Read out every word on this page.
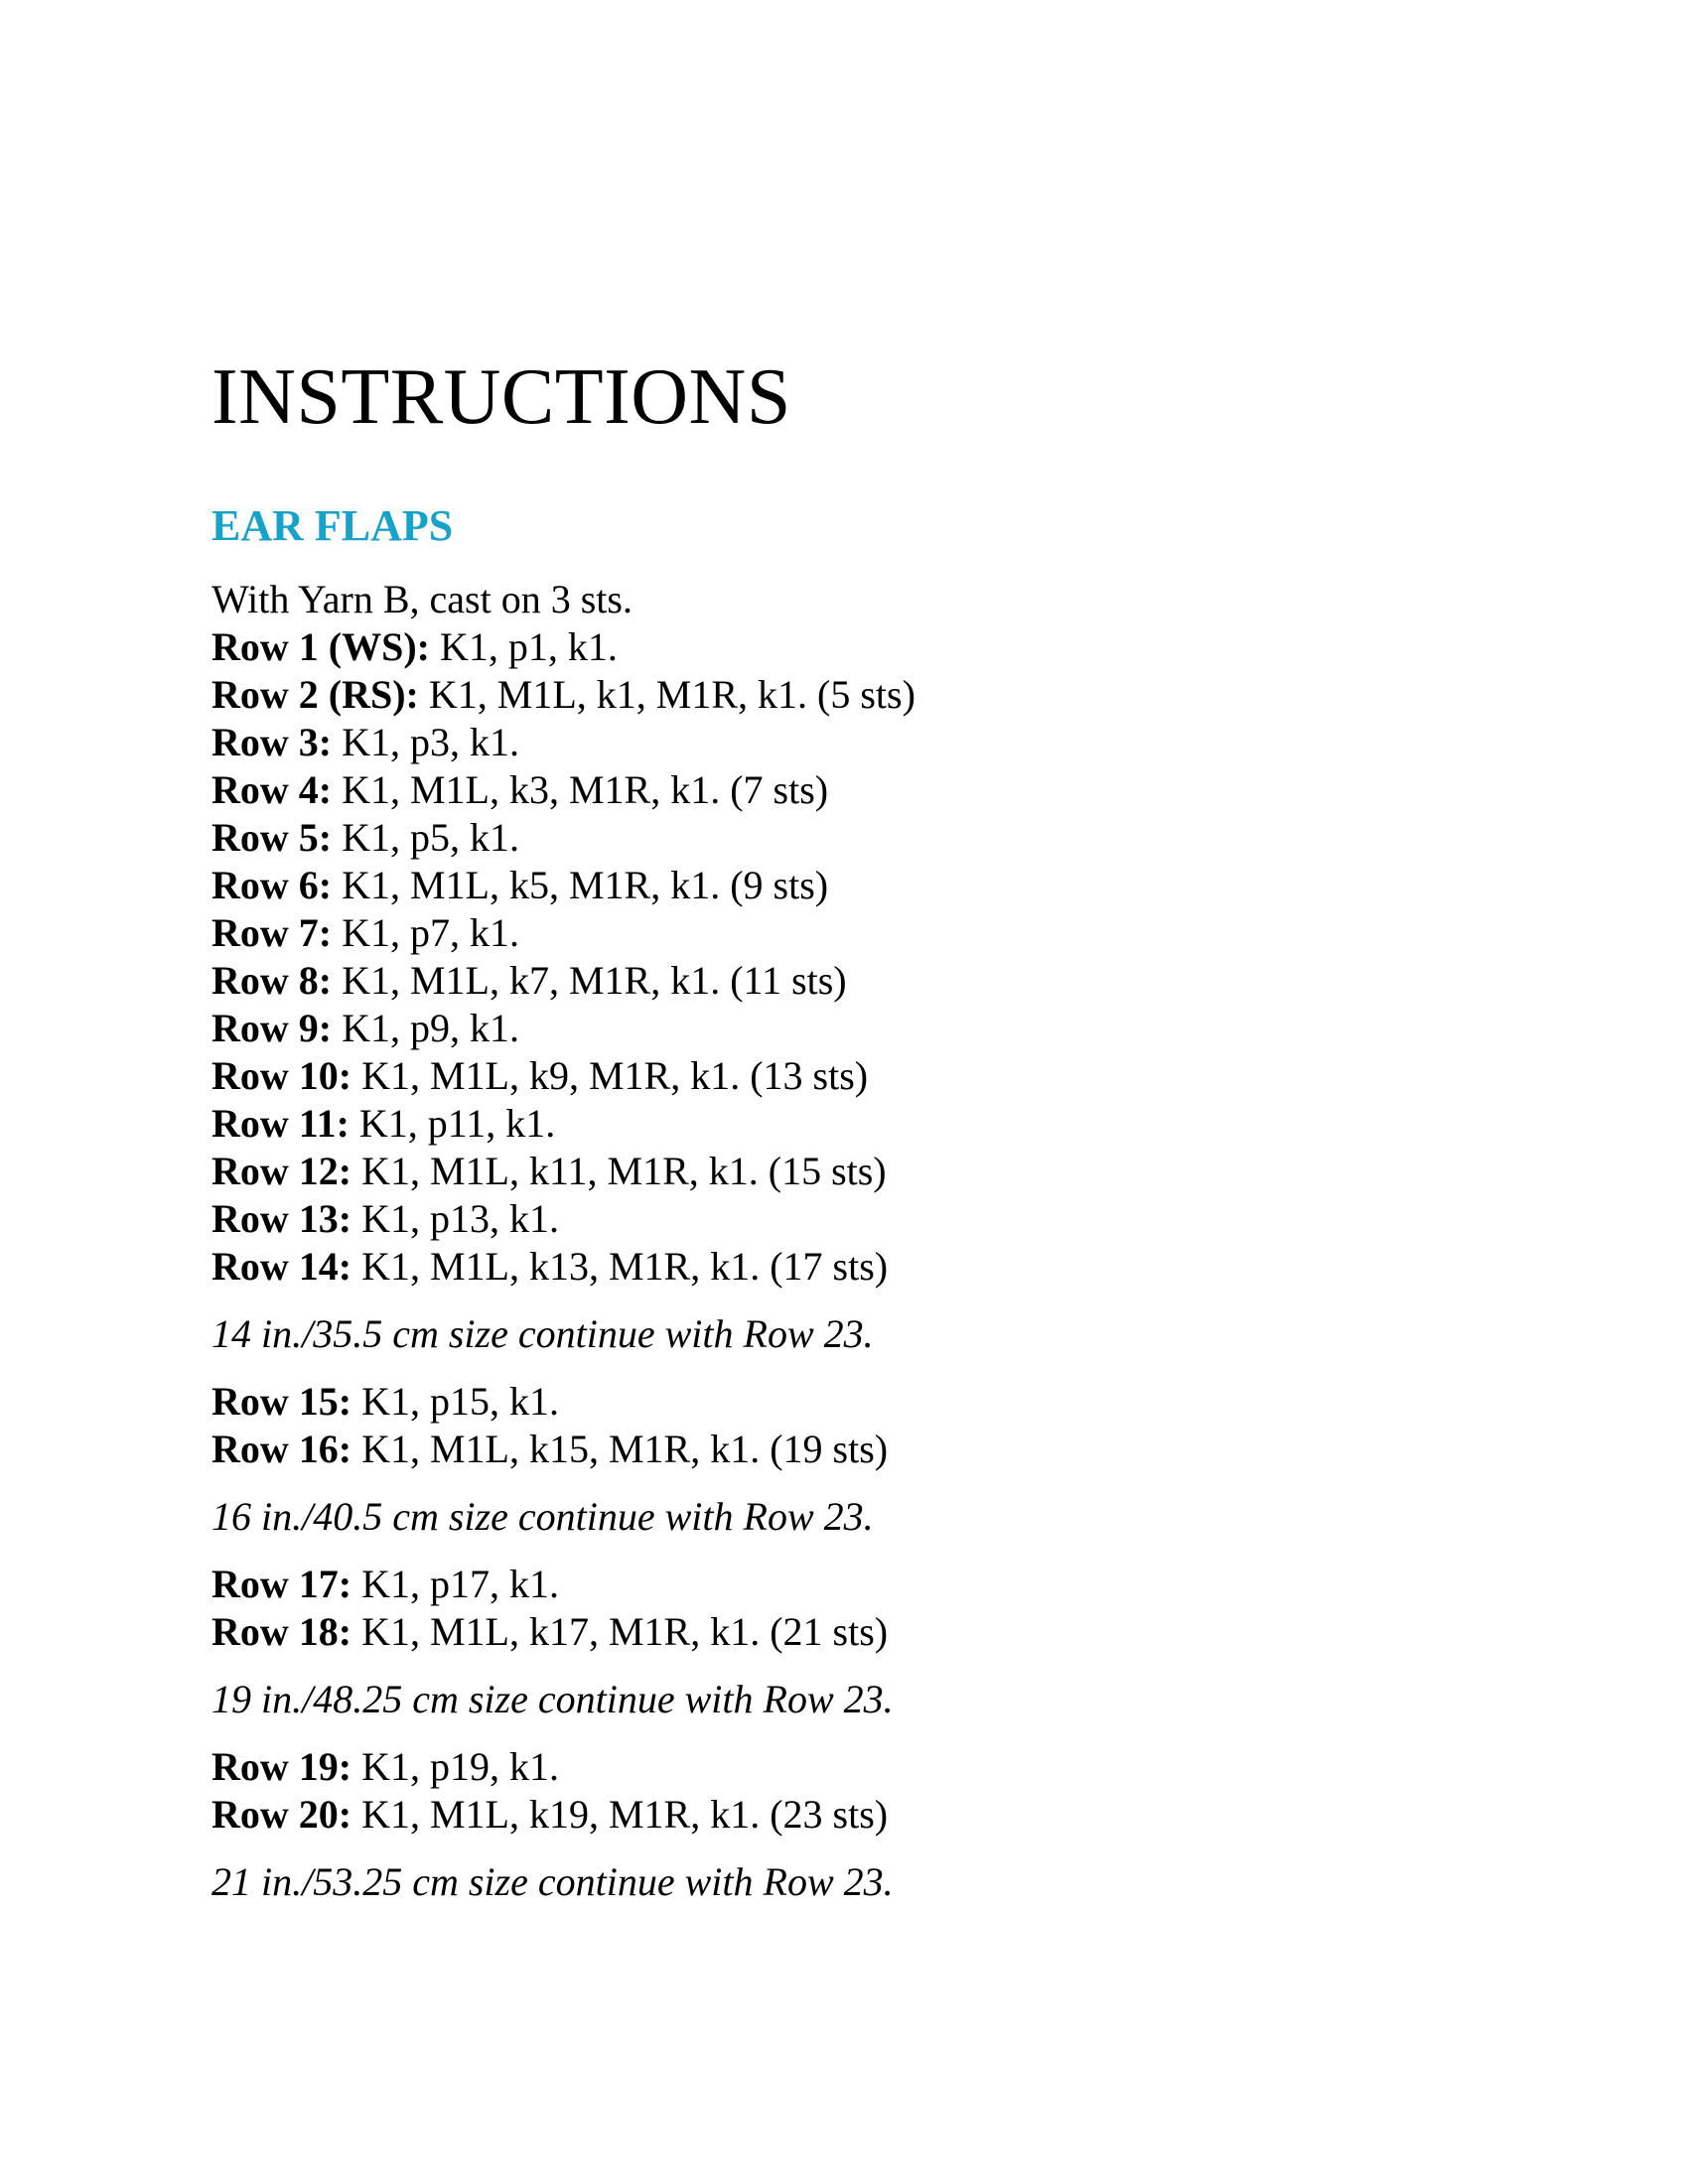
INSTRUCTIONS
EAR FLAPS
With Yarn B, cast on 3 sts.
Row 1 (WS): K1, p1, k1.
Row 2 (RS): K1, M1L, k1, M1R, k1. (5 sts)
Row 3: K1, p3, k1.
Row 4: K1, M1L, k3, M1R, k1. (7 sts)
Row 5: K1, p5, k1.
Row 6: K1, M1L, k5, M1R, k1. (9 sts)
Row 7: K1, p7, k1.
Row 8: K1, M1L, k7, M1R, k1. (11 sts)
Row 9: K1, p9, k1.
Row 10: K1, M1L, k9, M1R, k1. (13 sts)
Row 11: K1, p11, k1.
Row 12: K1, M1L, k11, M1R, k1. (15 sts)
Row 13: K1, p13, k1.
Row 14: K1, M1L, k13, M1R, k1. (17 sts)
14 in./35.5 cm size continue with Row 23.
Row 15: K1, p15, k1.
Row 16: K1, M1L, k15, M1R, k1. (19 sts)
16 in./40.5 cm size continue with Row 23.
Row 17: K1, p17, k1.
Row 18: K1, M1L, k17, M1R, k1. (21 sts)
19 in./48.25 cm size continue with Row 23.
Row 19: K1, p19, k1.
Row 20: K1, M1L, k19, M1R, k1. (23 sts)
21 in./53.25 cm size continue with Row 23.
